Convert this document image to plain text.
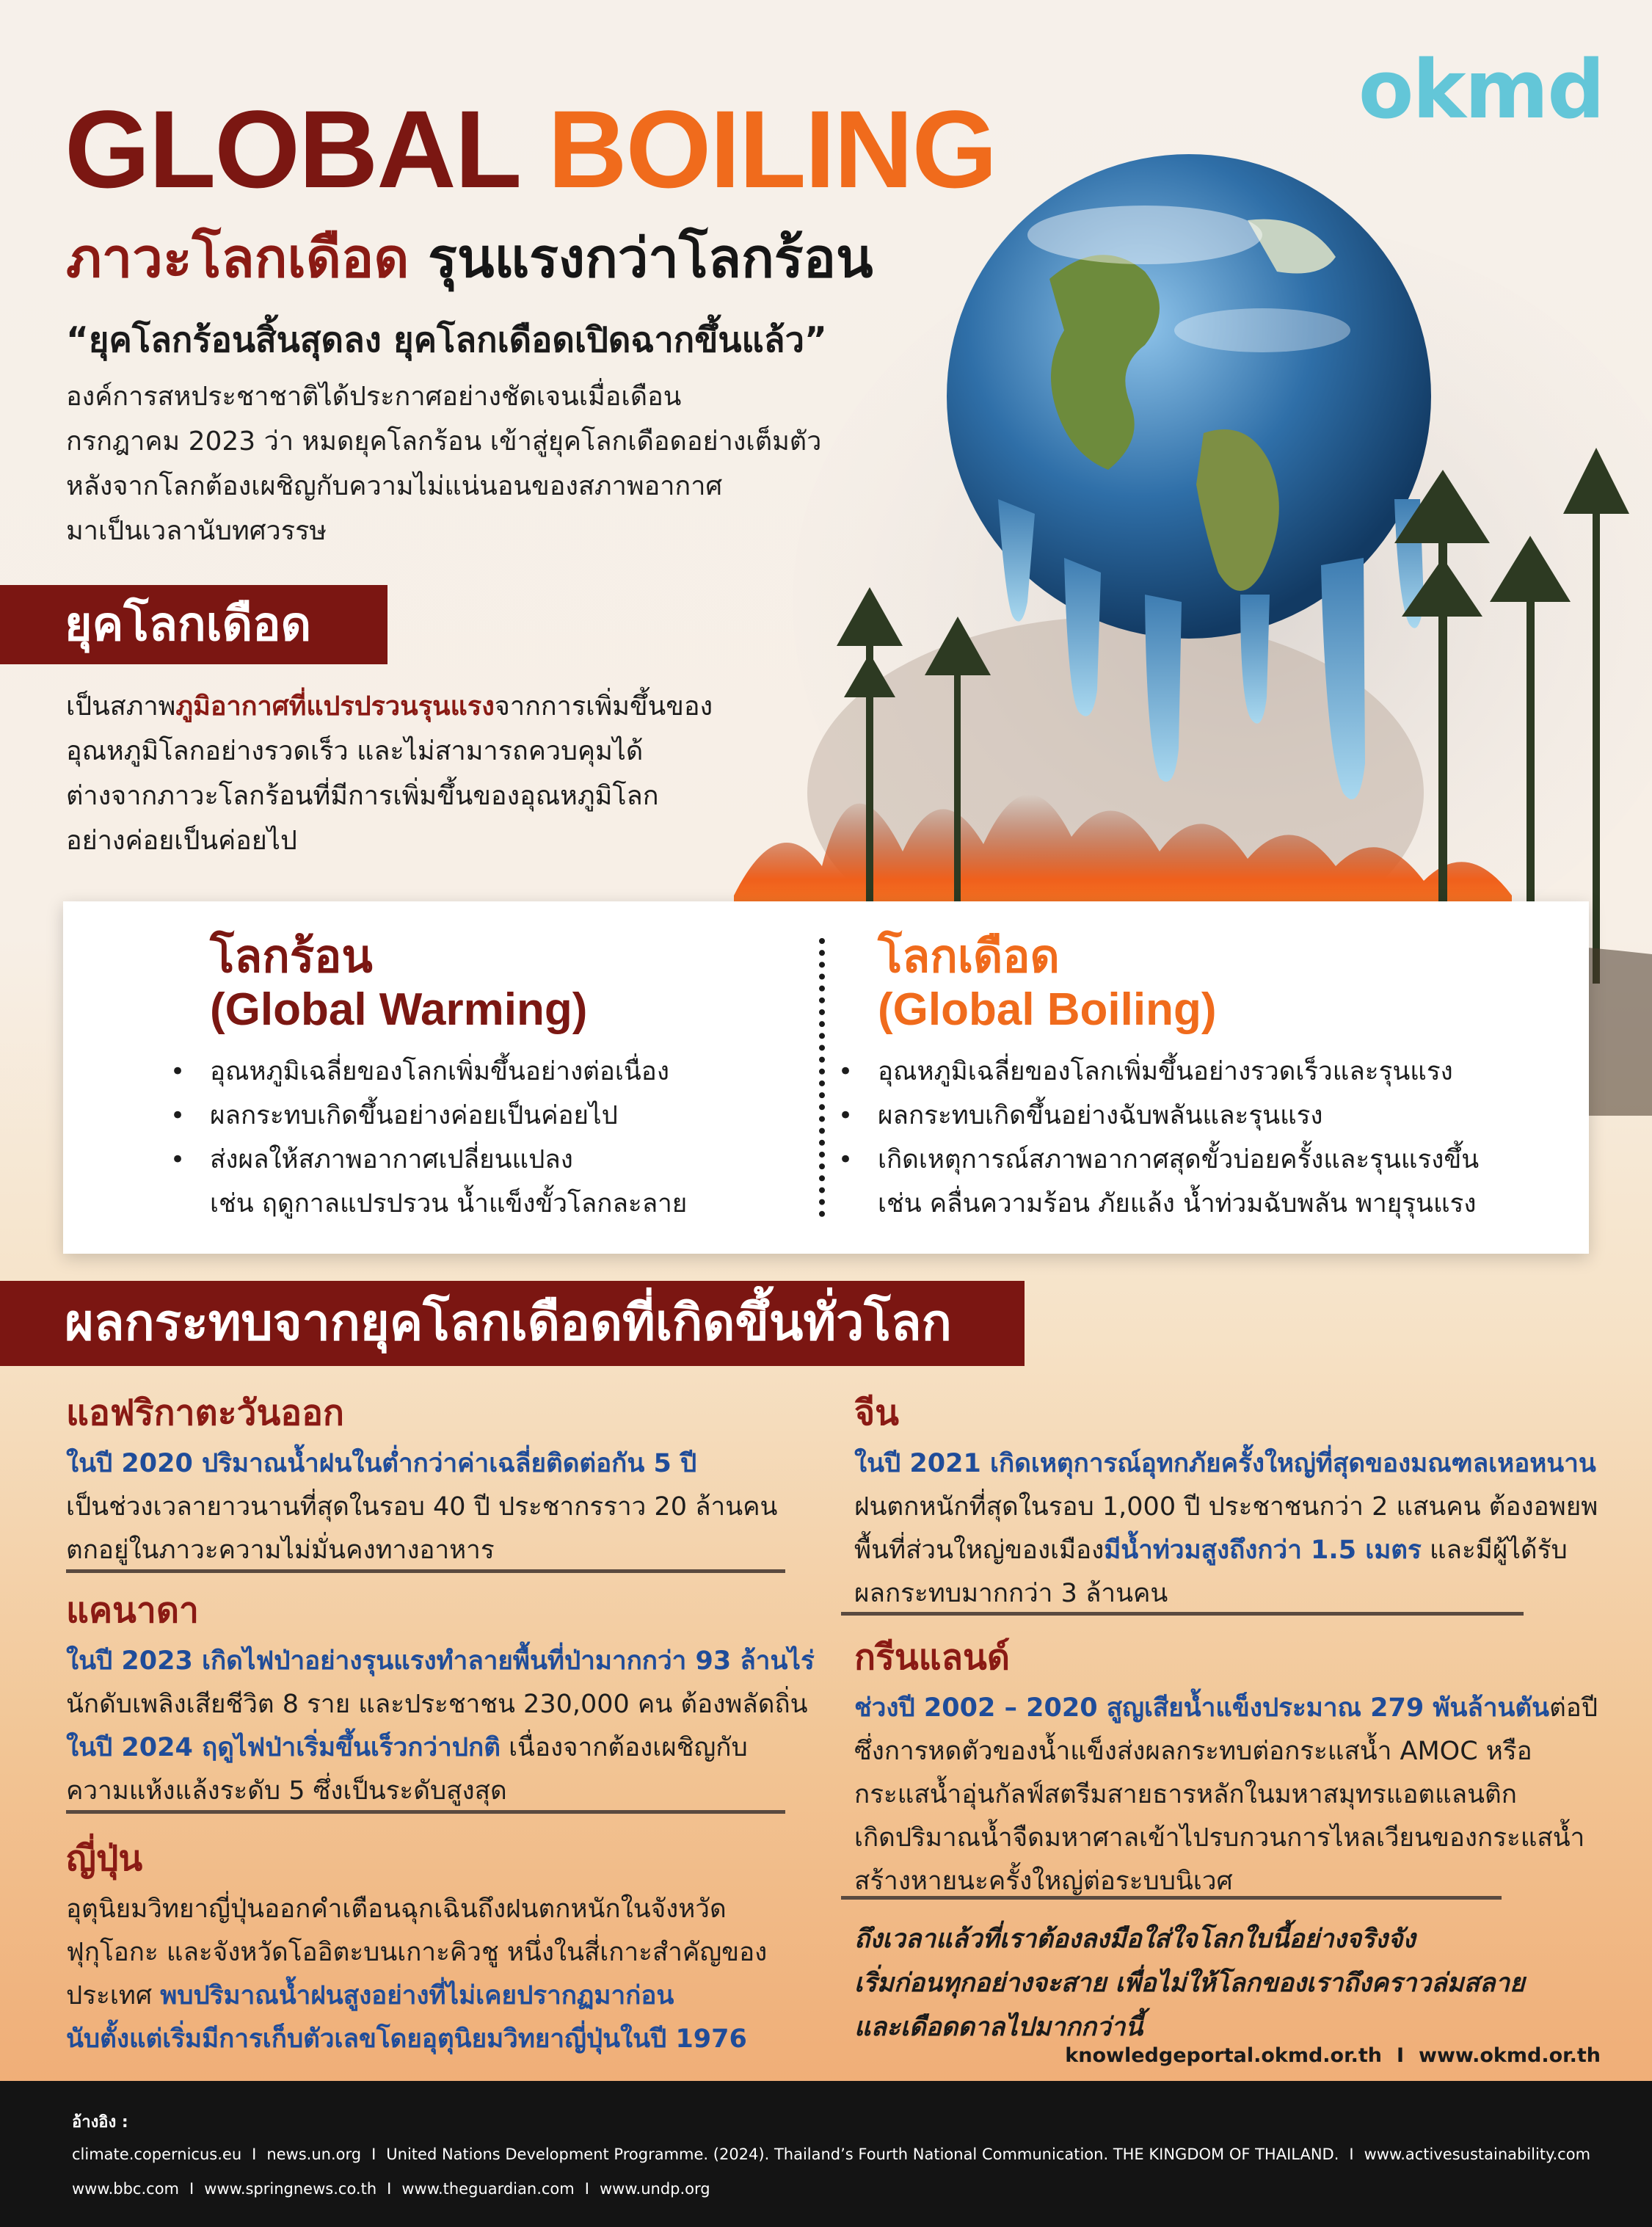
okmd
GLOBAL BOILING
ภาวะโลกเดือด รุนแรงกว่าโลกร้อน
“ยุคโลกร้อนสิ้นสุดลง ยุคโลกเดือดเปิดฉากขึ้นแล้ว”
องค์การสหประชาชาติได้ประกาศอย่างชัดเจนเมื่อเดือน
กรกฎาคม 2023 ว่า หมดยุคโลกร้อน เข้าสู่ยุคโลกเดือดอย่างเต็มตัว
หลังจากโลกต้องเผชิญกับความไม่แน่นอนของสภาพอากาศ
มาเป็นเวลานับทศวรรษ
ยุคโลกเดือด
เป็นสภาพภูมิอากาศที่แปรปรวนรุนแรงจากการเพิ่มขึ้นของ
อุณหภูมิโลกอย่างรวดเร็ว และไม่สามารถควบคุมได้
ต่างจากภาวะโลกร้อนที่มีการเพิ่มขึ้นของอุณหภูมิโลก
อย่างค่อยเป็นค่อยไป
โลกร้อน
(Global Warming)
• อุณหภูมิเฉลี่ยของโลกเพิ่มขึ้นอย่างต่อเนื่อง
• ผลกระทบเกิดขึ้นอย่างค่อยเป็นค่อยไป
• ส่งผลให้สภาพอากาศเปลี่ยนแปลง
เช่น ฤดูกาลแปรปรวน น้ำแข็งขั้วโลกละลาย
โลกเดือด
(Global Boiling)
• อุณหภูมิเฉลี่ยของโลกเพิ่มขึ้นอย่างรวดเร็วและรุนแรง
• ผลกระทบเกิดขึ้นอย่างฉับพลันและรุนแรง
• เกิดเหตุการณ์สภาพอากาศสุดขั้วบ่อยครั้งและรุนแรงขึ้น
เช่น คลื่นความร้อน ภัยแล้ง น้ำท่วมฉับพลัน พายุรุนแรง
ผลกระทบจากยุคโลกเดือดที่เกิดขึ้นทั่วโลก
แอฟริกาตะวันออก
ในปี 2020 ปริมาณน้ำฝนในต่ำกว่าค่าเฉลี่ยติดต่อกัน 5 ปี
เป็นช่วงเวลายาวนานที่สุดในรอบ 40 ปี ประชากรราว 20 ล้านคน
ตกอยู่ในภาวะความไม่มั่นคงทางอาหาร
แคนาดา
ในปี 2023 เกิดไฟป่าอย่างรุนแรงทำลายพื้นที่ป่ามากกว่า 93 ล้านไร่
นักดับเพลิงเสียชีวิต 8 ราย และประชาชน 230,000 คน ต้องพลัดถิ่น
ในปี 2024 ฤดูไฟป่าเริ่มขึ้นเร็วกว่าปกติ เนื่องจากต้องเผชิญกับ
ความแห้งแล้งระดับ 5 ซึ่งเป็นระดับสูงสุด
ญี่ปุ่น
อุตุนิยมวิทยาญี่ปุ่นออกคำเตือนฉุกเฉินถึงฝนตกหนักในจังหวัด
ฟุกุโอกะ และจังหวัดโออิตะบนเกาะคิวชู หนึ่งในสี่เกาะสำคัญของ
ประเทศ พบปริมาณน้ำฝนสูงอย่างที่ไม่เคยปรากฏมาก่อน
นับตั้งแต่เริ่มมีการเก็บตัวเลขโดยอุตุนิยมวิทยาญี่ปุ่นในปี 1976
จีน
ในปี 2021 เกิดเหตุการณ์อุทกภัยครั้งใหญ่ที่สุดของมณฑลเหอหนาน
ฝนตกหนักที่สุดในรอบ 1,000 ปี ประชาชนกว่า 2 แสนคน ต้องอพยพ
พื้นที่ส่วนใหญ่ของเมืองมีน้ำท่วมสูงถึงกว่า 1.5 เมตร และมีผู้ได้รับ
ผลกระทบมากกว่า 3 ล้านคน
กรีนแลนด์
ช่วงปี 2002 – 2020 สูญเสียน้ำแข็งประมาณ 279 พันล้านตันต่อปี
ซึ่งการหดตัวของน้ำแข็งส่งผลกระทบต่อกระแสน้ำ AMOC หรือ
กระแสน้ำอุ่นกัลฟ์สตรีมสายธารหลักในมหาสมุทรแอตแลนติก
เกิดปริมาณน้ำจืดมหาศาลเข้าไปรบกวนการไหลเวียนของกระแสน้ำ
สร้างหายนะครั้งใหญ่ต่อระบบนิเวศ
ถึงเวลาแล้วที่เราต้องลงมือใส่ใจโลกใบนี้อย่างจริงจัง
เริ่มก่อนทุกอย่างจะสาย เพื่อไม่ให้โลกของเราถึงคราวล่มสลาย
และเดือดดาลไปมากกว่านี้
knowledgeportal.okmd.or.th I www.okmd.or.th
อ้างอิง :
climate.copernicus.eu I news.un.org I United Nations Development Programme. (2024). Thailand’s Fourth National Communication. THE KINGDOM OF THAILAND. I www.activesustainability.com
www.bbc.com I www.springnews.co.th I www.theguardian.com I www.undp.org
